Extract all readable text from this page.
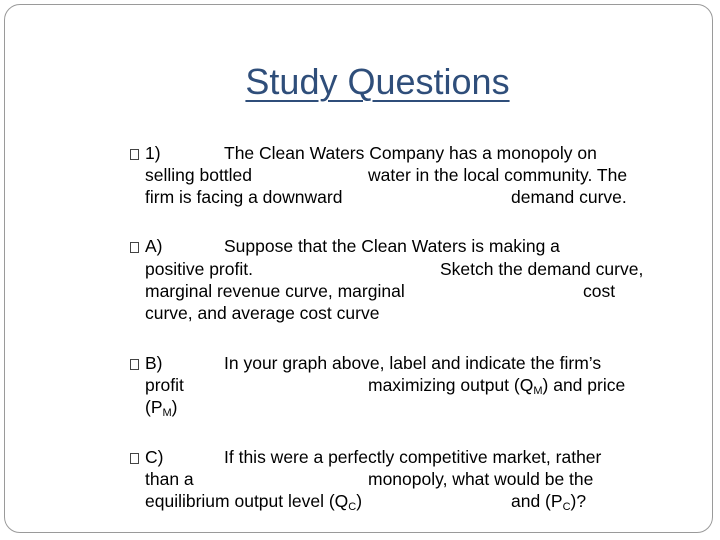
Study Questions
1)	The Clean Waters Company has a monopoly on
selling bottled	water in the local community. The
firm is facing a downward	demand curve.
A)	Suppose that the Clean Waters is making a
positive profit.	Sketch the demand curve,
marginal revenue curve, marginal	cost
curve, and average cost curve
B)	In your graph above, label and indicate the firm’s
profit	maximizing output $(Q_M)$ and price
$(P_M)$
C)	If this were a perfectly competitive market, rather
than a	monopoly, what would be the
equilibrium output level $(Q_C)$	and $(P_C)$?
